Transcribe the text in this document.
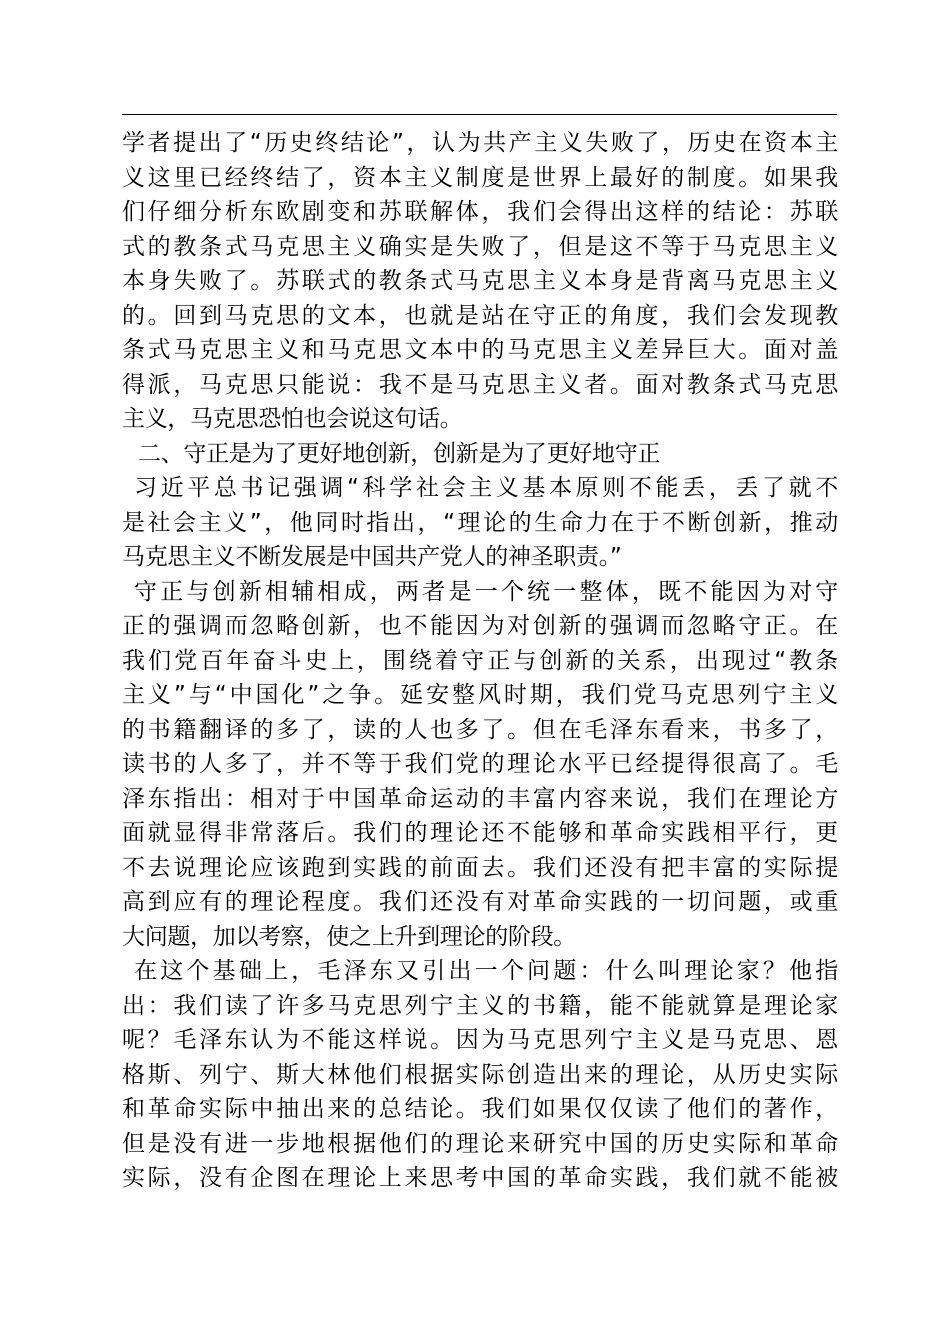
学者提出了“历史终结论”，认为共产主义失败了，历史在资本主
义这里已经终结了，资本主义制度是世界上最好的制度。如果我
们仔细分析东欧剧变和苏联解体，我们会得出这样的结论：苏联
式的教条式马克思主义确实是失败了，但是这不等于马克思主义
本身失败了。苏联式的教条式马克思主义本身是背离马克思主义
的。回到马克思的文本，也就是站在守正的角度，我们会发现教
条式马克思主义和马克思文本中的马克思主义差异巨大。面对盖
得派，马克思只能说：我不是马克思主义者。面对教条式马克思
主义，马克思恐怕也会说这句话。
二、守正是为了更好地创新，创新是为了更好地守正
习近平总书记强调“科学社会主义基本原则不能丢，丢了就不
是社会主义”，他同时指出，“理论的生命力在于不断创新，推动
马克思主义不断发展是中国共产党人的神圣职责。”
守正与创新相辅相成，两者是一个统一整体，既不能因为对守
正的强调而忽略创新，也不能因为对创新的强调而忽略守正。在
我们党百年奋斗史上，围绕着守正与创新的关系，出现过“教条
主义”与“中国化”之争。延安整风时期，我们党马克思列宁主义
的书籍翻译的多了，读的人也多了。但在毛泽东看来，书多了，
读书的人多了，并不等于我们党的理论水平已经提得很高了。毛
泽东指出：相对于中国革命运动的丰富内容来说，我们在理论方
面就显得非常落后。我们的理论还不能够和革命实践相平行，更
不去说理论应该跑到实践的前面去。我们还没有把丰富的实际提
高到应有的理论程度。我们还没有对革命实践的一切问题，或重
大问题，加以考察，使之上升到理论的阶段。
在这个基础上，毛泽东又引出一个问题：什么叫理论家？他指
出：我们读了许多马克思列宁主义的书籍，能不能就算是理论家
呢？毛泽东认为不能这样说。因为马克思列宁主义是马克思、恩
格斯、列宁、斯大林他们根据实际创造出来的理论，从历史实际
和革命实际中抽出来的总结论。我们如果仅仅读了他们的著作，
但是没有进一步地根据他们的理论来研究中国的历史实际和革命
实际，没有企图在理论上来思考中国的革命实践，我们就不能被
